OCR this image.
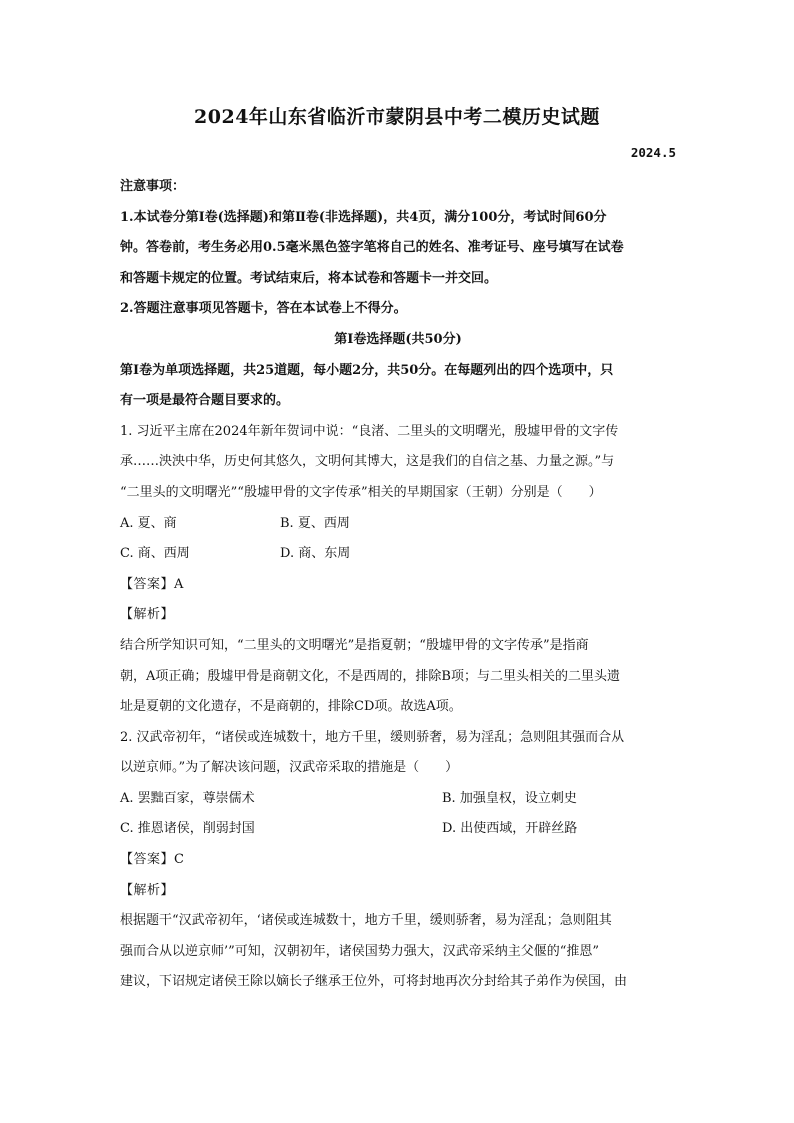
2024年山东省临沂市蒙阴县中考二模历史试题
2024.5

注意事项：

1.本试卷分第Ⅰ卷(选择题)和第Ⅱ卷(非选择题)，共4页，满分100分，考试时间60分

钟。答卷前，考生务必用0.5毫米黑色签字笔将自己的姓名、准考证号、座号填写在试卷

和答题卡规定的位置。考试结束后，将本试卷和答题卡一并交回。

2.答题注意事项见答题卡，答在本试卷上不得分。

第Ⅰ卷选择题(共50分)

第Ⅰ卷为单项选择题，共25道题，每小题2分，共50分。在每题列出的四个选项中，只

有一项是最符合题目要求的。

1. 习近平主席在2024年新年贺词中说：“良渚、二里头的文明曙光，殷墟甲骨的文字传

承……泱泱中华，历史何其悠久，文明何其博大，这是我们的自信之基、力量之源。”与

“二里头的文明曙光”“殷墟甲骨的文字传承”相关的早期国家（王朝）分别是（　　）

A. 夏、商	B. 夏、西周
C. 商、西周	D. 商、东周

【答案】A

【解析】

结合所学知识可知，“二里头的文明曙光”是指夏朝；“殷墟甲骨的文字传承”是指商

朝，A项正确；殷墟甲骨是商朝文化，不是西周的，排除B项；与二里头相关的二里头遗

址是夏朝的文化遗存，不是商朝的，排除CD项。故选A项。

2. 汉武帝初年，“诸侯或连城数十，地方千里，缓则骄奢，易为淫乱；急则阻其强而合从

以逆京师。”为了解决该问题，汉武帝采取的措施是（　　）

A. 罢黜百家，尊崇儒术	B. 加强皇权，设立刺史
C. 推恩诸侯，削弱封国	D. 出使西域，开辟丝路

【答案】C

【解析】

根据题干“汉武帝初年，‘诸侯或连城数十，地方千里，缓则骄奢，易为淫乱；急则阻其

强而合从以逆京师’”可知，汉朝初年，诸侯国势力强大，汉武帝采纳主父偃的“推恩”

建议，下诏规定诸侯王除以嫡长子继承王位外，可将封地再次分封给其子弟作为侯国，由
